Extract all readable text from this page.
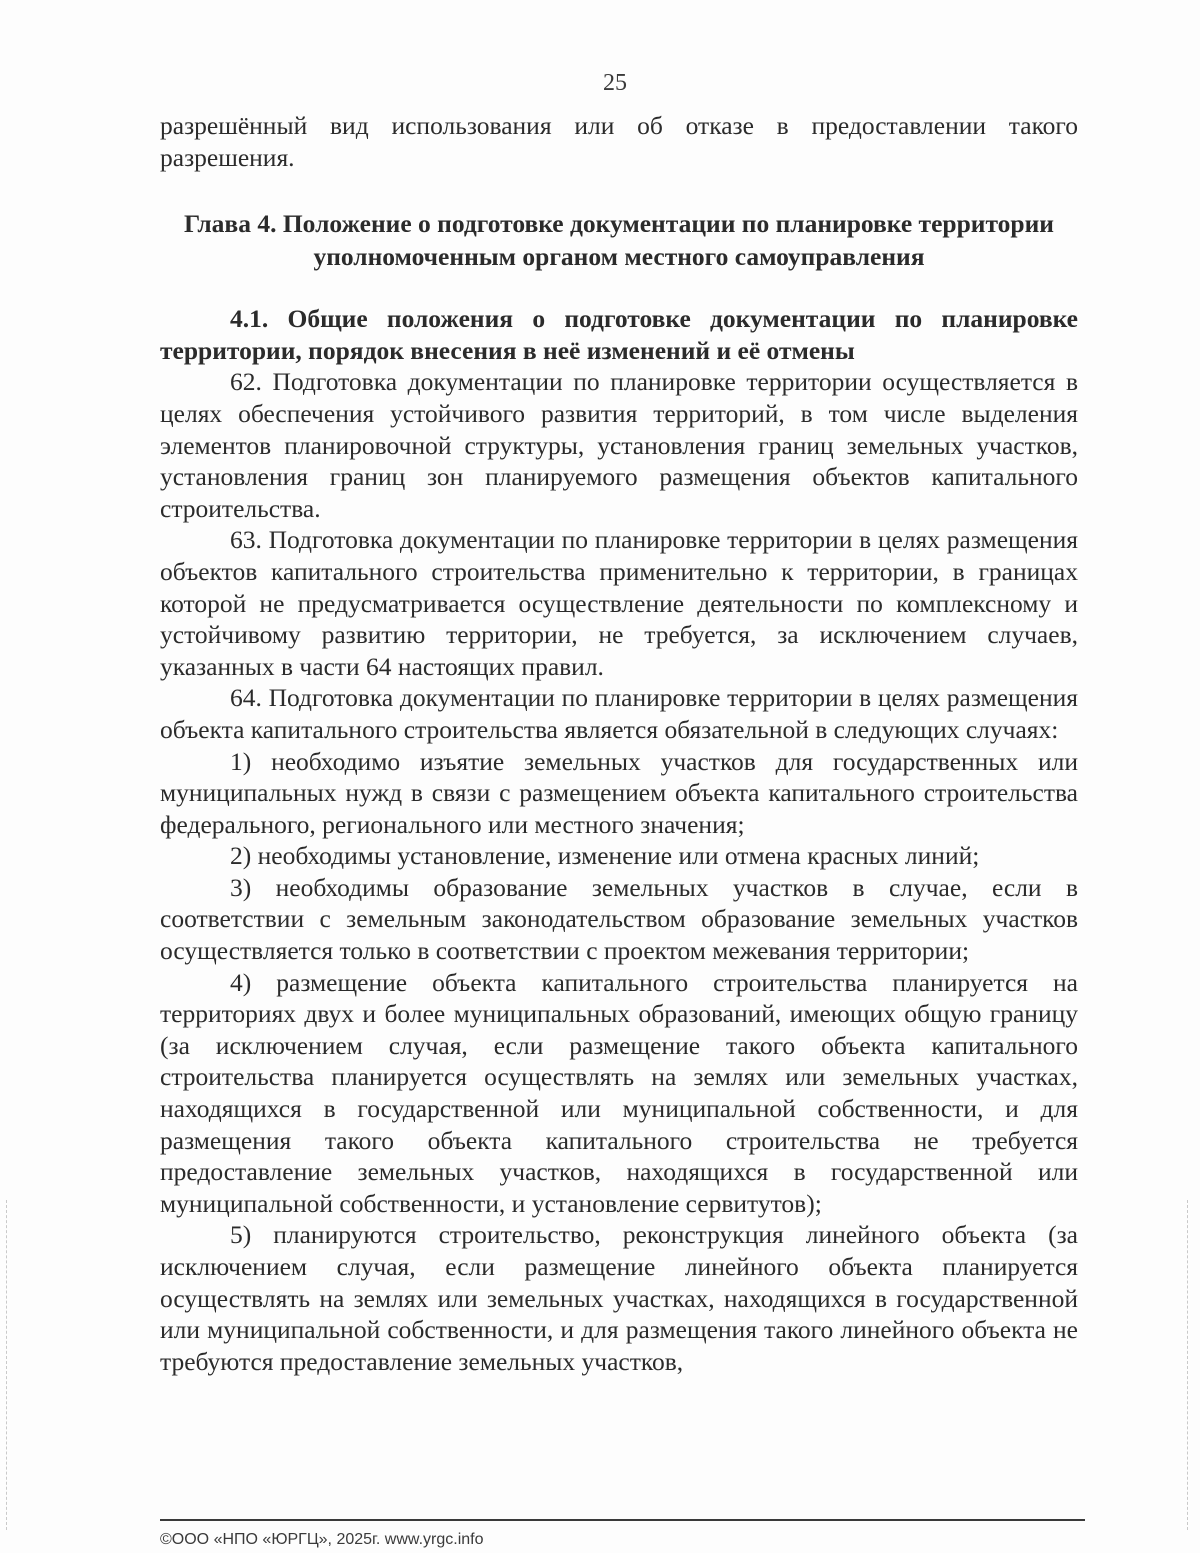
25

разрешённый вид использования или об отказе в предоставлении такого разрешения.

Глава 4. Положение о подготовке документации по планировке территории уполномоченным органом местного самоуправления

4.1. Общие положения о подготовке документации по планировке территории, порядок внесения в неё изменений и её отмены

62. Подготовка документации по планировке территории осуществляется в целях обеспечения устойчивого развития территорий, в том числе выделения элементов планировочной структуры, установления границ земельных участков, установления границ зон планируемого размещения объектов капитального строительства.

63. Подготовка документации по планировке территории в целях размещения объектов капитального строительства применительно к территории, в границах которой не предусматривается осуществление деятельности по комплексному и устойчивому развитию территории, не требуется, за исключением случаев, указанных в части 64 настоящих правил.

64. Подготовка документации по планировке территории в целях размещения объекта капитального строительства является обязательной в следующих случаях:

1) необходимо изъятие земельных участков для государственных или муниципальных нужд в связи с размещением объекта капитального строительства федерального, регионального или местного значения;

2) необходимы установление, изменение или отмена красных линий;

3) необходимы образование земельных участков в случае, если в соответствии с земельным законодательством образование земельных участков осуществляется только в соответствии с проектом межевания территории;

4) размещение объекта капитального строительства планируется на территориях двух и более муниципальных образований, имеющих общую границу (за исключением случая, если размещение такого объекта капитального строительства планируется осуществлять на землях или земельных участках, находящихся в государственной или муниципальной собственности, и для размещения такого объекта капитального строительства не требуется предоставление земельных участков, находящихся в государственной или муниципальной собственности, и установление сервитутов);

5) планируются строительство, реконструкция линейного объекта (за исключением случая, если размещение линейного объекта планируется осуществлять на землях или земельных участках, находящихся в государственной или муниципальной собственности, и для размещения такого линейного объекта не требуются предоставление земельных участков,

©ООО «НПО «ЮРГЦ», 2025г. www.yrgc.info
